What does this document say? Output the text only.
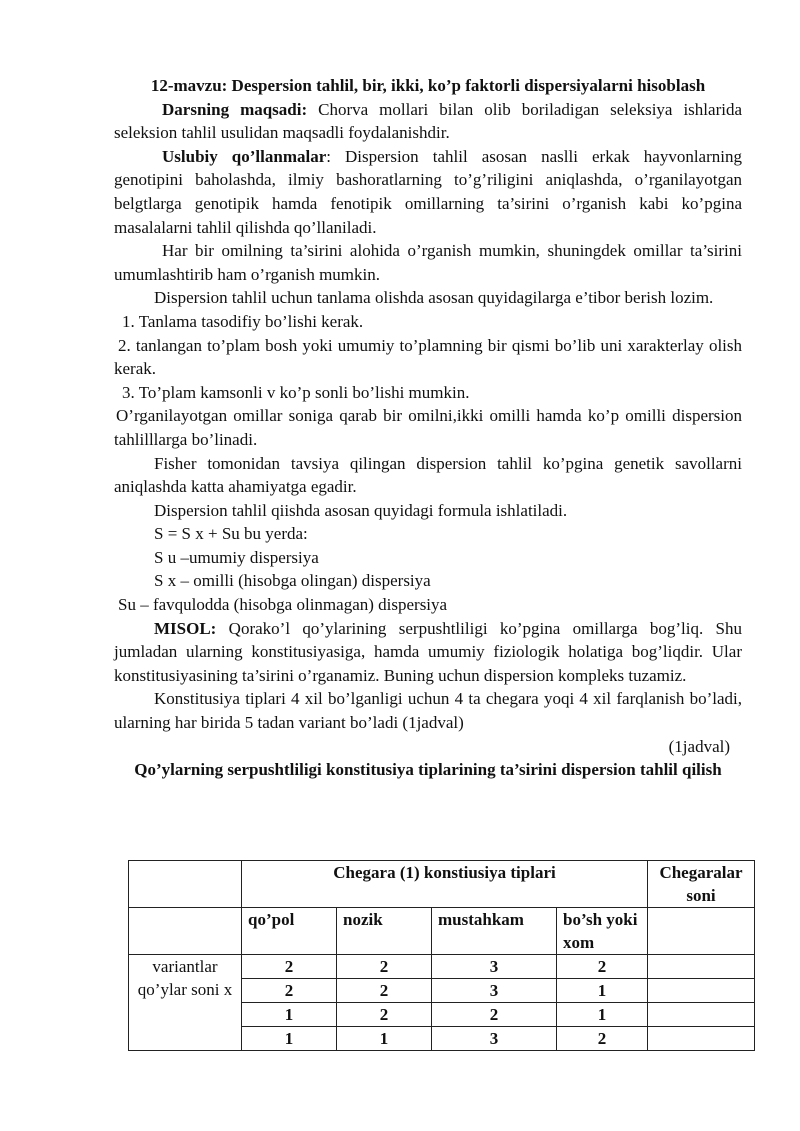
12-mavzu: Despersion tahlil, bir, ikki, ko’p faktorli dispersiyalarni hisoblash

Darsning maqsadi: Chorva mollari bilan olib boriladigan seleksiya ishlarida seleksion tahlil usulidan maqsadli foydalanishdir.

Uslubiy qo’llanmalar: Dispersion tahlil asosan naslli erkak hayvonlarning genotipini baholashda, ilmiy bashoratlarning to’g’riligini aniqlashda, o’rganilayotgan belgtlarga genotipik hamda fenotipik omillarning ta’sirini o’rganish kabi ko’pgina masalalarni tahlil qilishda qo’llaniladi.

Har bir omilning ta’sirini alohida o’rganish mumkin, shuningdek omillar ta’sirini umumlashtirib ham o’rganish mumkin.

Dispersion tahlil uchun tanlama olishda asosan quyidagilarga e’tibor berish lozim.

1. Tanlama tasodifiy bo’lishi kerak.

2. tanlangan to’plam bosh yoki umumiy to’plamning bir qismi bo’lib uni xarakterlay olish kerak.

3. To’plam kamsonli v ko’p sonli bo’lishi mumkin.

O’rganilayotgan omillar soniga qarab bir omilni,ikki omilli hamda ko’p omilli dispersion tahlilllarga bo’linadi.

Fisher tomonidan tavsiya qilingan dispersion tahlil ko’pgina genetik savollarni aniqlashda katta ahamiyatga egadir.

Dispersion tahlil qiishda asosan quyidagi formula ishlatiladi.

S = S x + Su bu yerda:

S u –umumiy dispersiya

S x – omilli (hisobga olingan) dispersiya

Su – favqulodda (hisobga olinmagan) dispersiya

MISOL: Qorako’l qo’ylarining serpushtliligi ko’pgina omillarga bog’liq. Shu jumladan ularning konstitusiyasiga, hamda umumiy fiziologik holatiga bog’liqdir. Ular konstitusiyasining ta’sirini o’rganamiz. Buning uchun dispersion kompleks tuzamiz.

Konstitusiya tiplari 4 xil bo’lganligi uchun 4 ta chegara yoqi 4 xil farqlanish bo’ladi, ularning har birida 5 tadan variant bo’ladi (1jadval)

(1jadval)

Qo’ylarning serpushtliligi konstitusiya tiplarining ta’sirini dispersion tahlil qilish

	Chegara (1) konstiusiya tiplari				Chegaralar soni
	qo’pol	nozik	mustahkam	bo’sh yoki xom	
variantlar qo’ylar soni x	2	2	3	2	
	2	2	3	1	
	1	2	2	1	
	1	1	3	2	
